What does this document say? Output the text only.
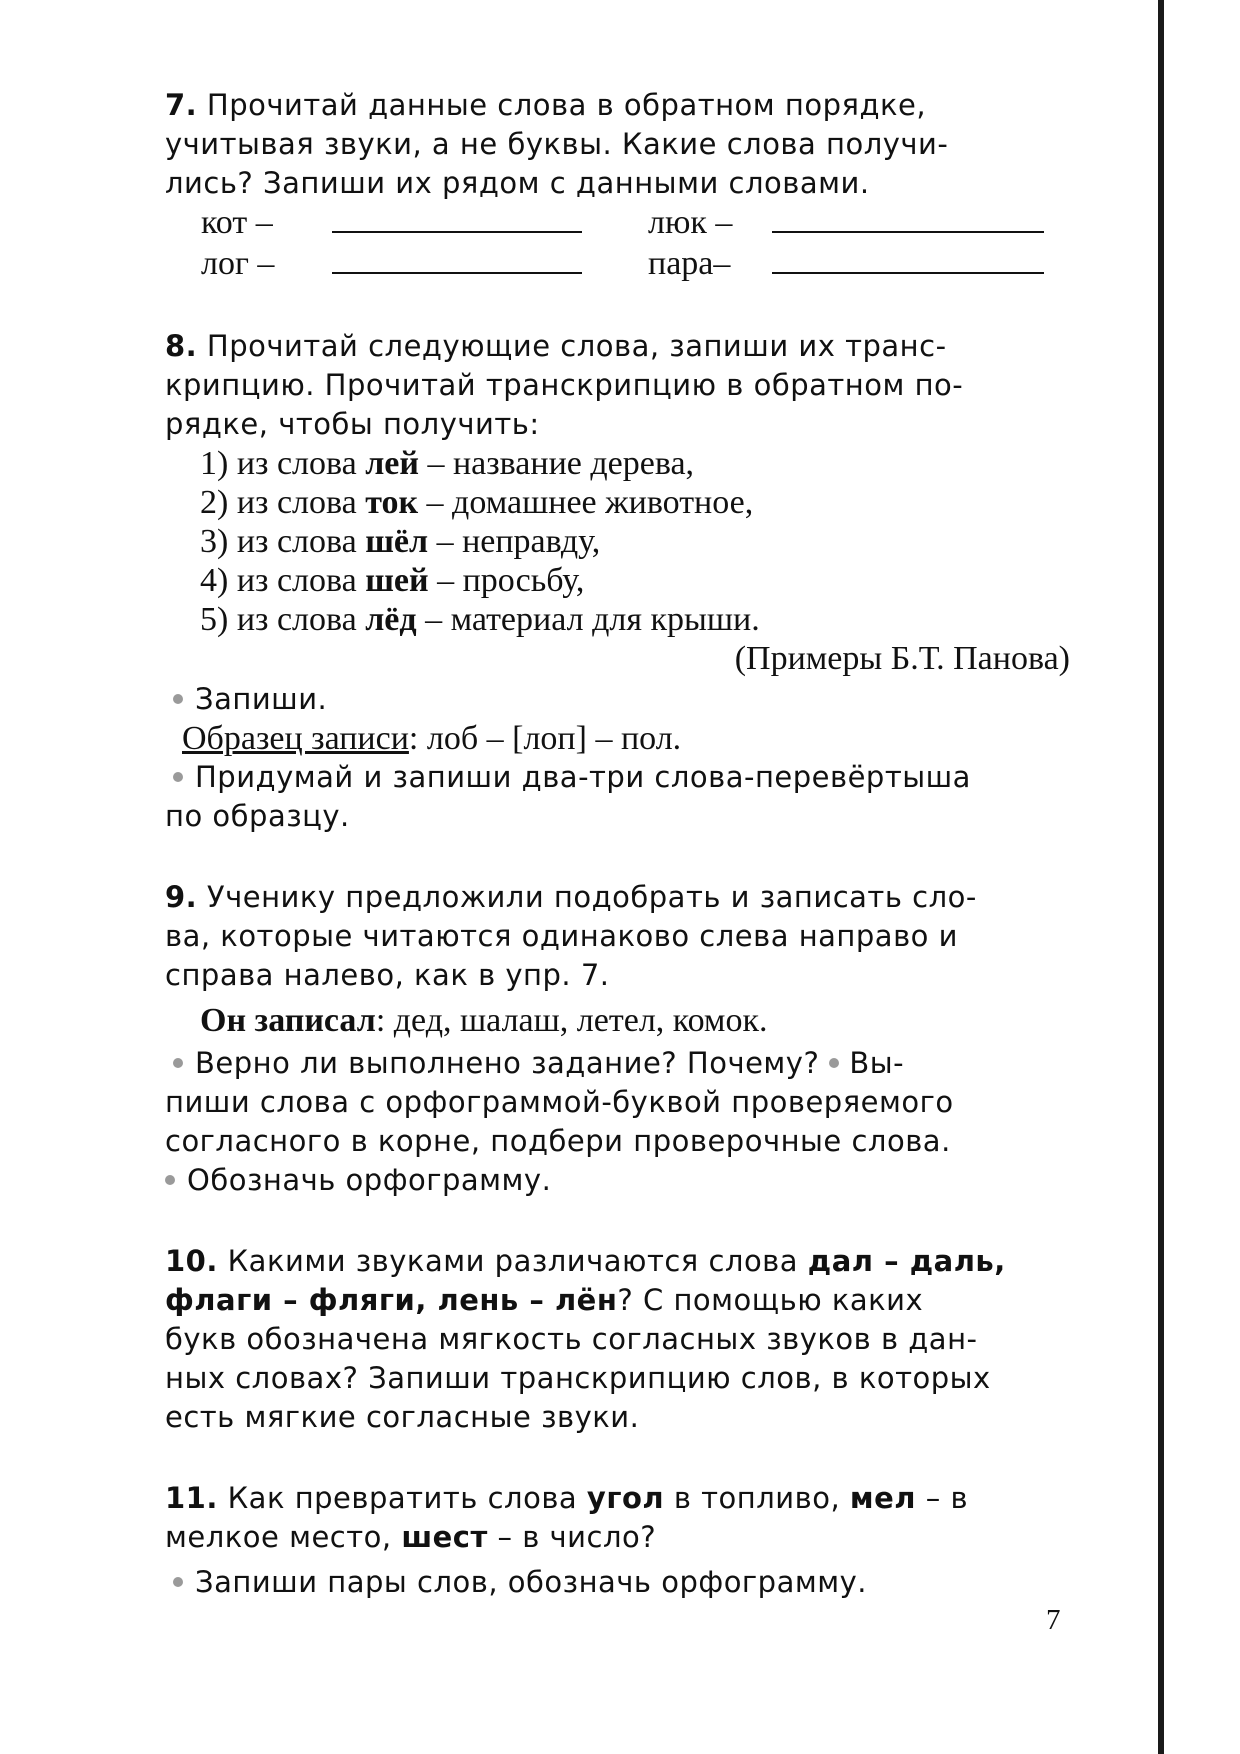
7. Прочитай данные слова в обратном порядке,
учитывая звуки, а не буквы. Какие слова получи-
лись? Запиши их рядом с данными словами.
кот –	люк –
лог –	пара–
8. Прочитай следующие слова, запиши их транс-
крипцию. Прочитай транскрипцию в обратном по-
рядке, чтобы получить:
1) из слова лей – название дерева,
2) из слова ток – домашнее животное,
3) из слова шёл – неправду,
4) из слова шей – просьбу,
5) из слова лёд – материал для крыши.
(Примеры Б.Т. Панова)
Запиши.
Образец записи: лоб – [лоп] – пол.
Придумай и запиши два-три слова-перевёртыша
по образцу.
9. Ученику предложили подобрать и записать сло-
ва, которые читаются одинаково слева направо и
справа налево, как в упр. 7.
Он записал: дед, шалаш, летел, комок.
Верно ли выполнено задание? Почему? Вы-
пиши слова с орфограммой-буквой проверяемого
согласного в корне, подбери проверочные слова.
Обозначь орфограмму.
10. Какими звуками различаются слова дал – даль,
флаги – фляги, лень – лён? С помощью каких
букв обозначена мягкость согласных звуков в дан-
ных словах? Запиши транскрипцию слов, в которых
есть мягкие согласные звуки.
11. Как превратить слова угол в топливо, мел – в
мелкое место, шест – в число?
Запиши пары слов, обозначь орфограмму.
7
